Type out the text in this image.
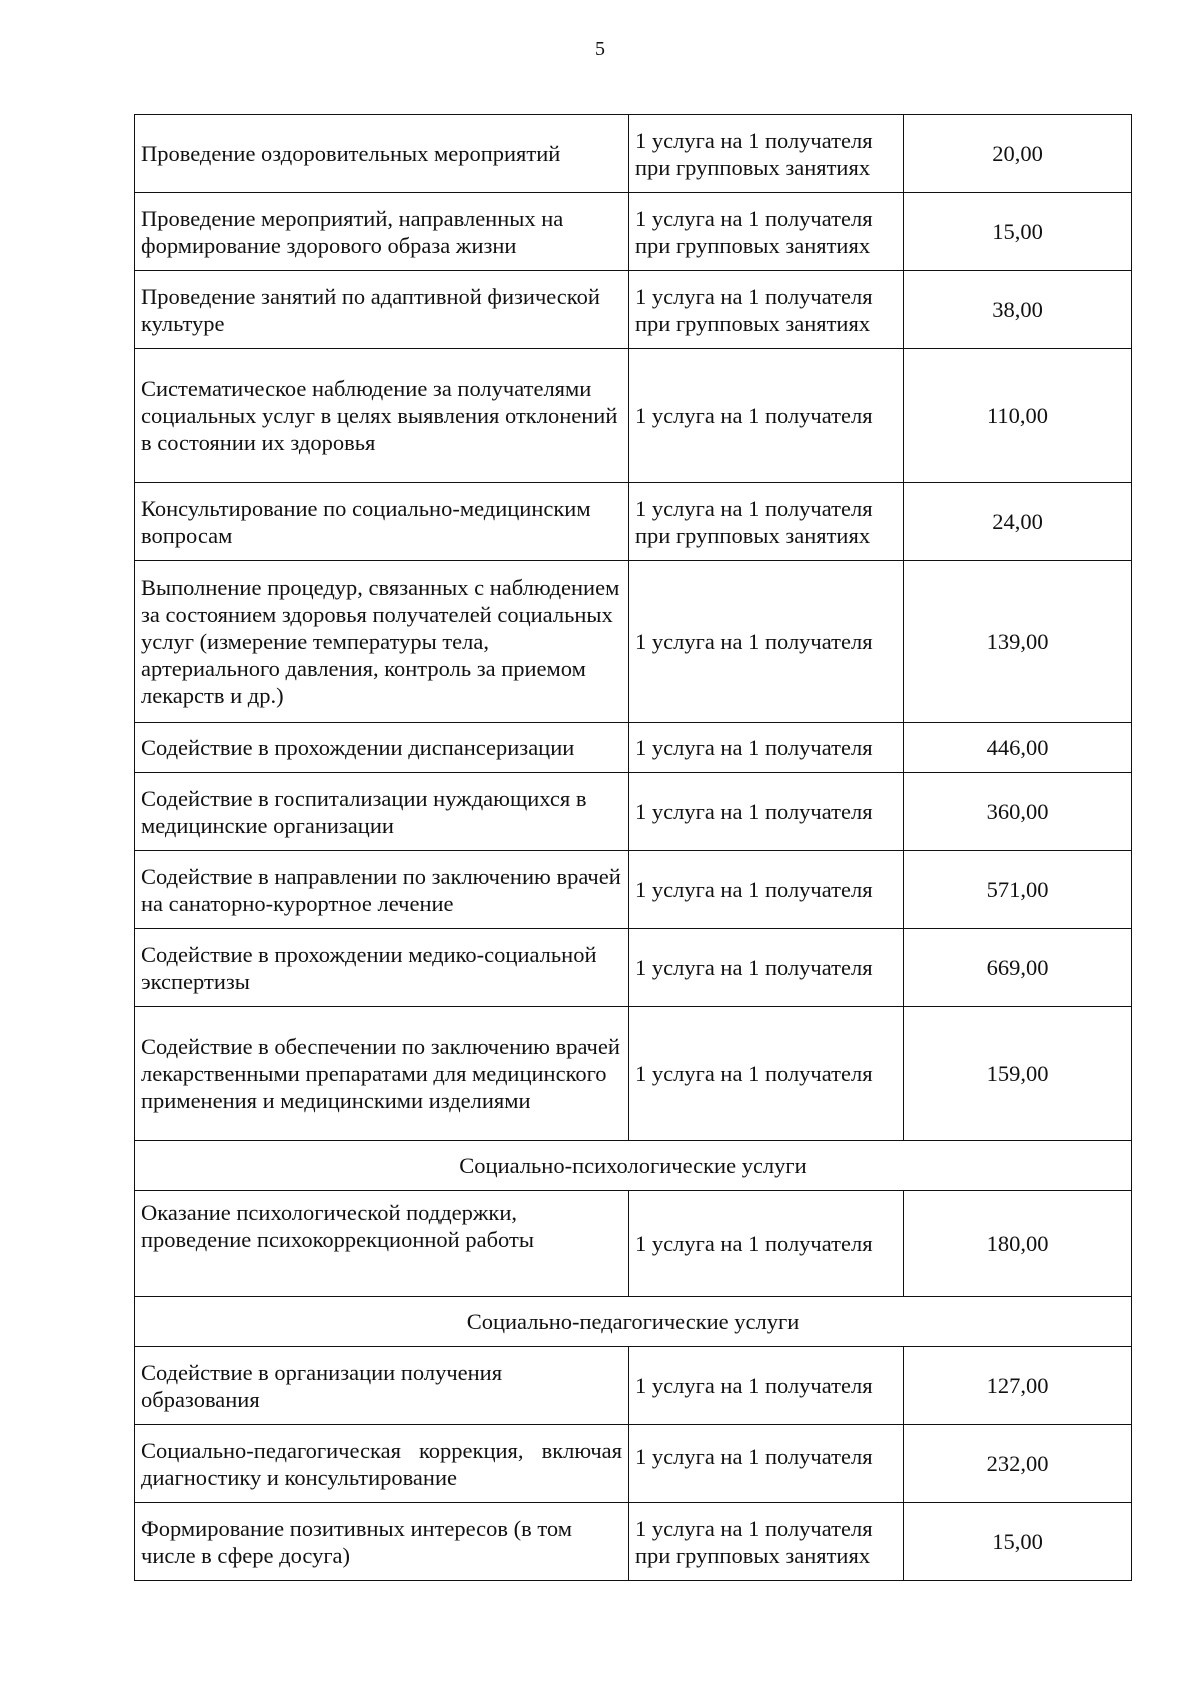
5
Проведение оздоровительных мероприятий	1 услуга на 1 получателя при групповых занятиях	20,00
Проведение мероприятий, направленных на формирование здорового образа жизни	1 услуга на 1 получателя при групповых занятиях	15,00
Проведение занятий по адаптивной физической культуре	1 услуга на 1 получателя при групповых занятиях	38,00
Систематическое наблюдение за получателями социальных услуг в целях выявления отклонений в состоянии их здоровья	1 услуга на 1 получателя	110,00
Консультирование по социально-медицинским вопросам	1 услуга на 1 получателя при групповых занятиях	24,00
Выполнение процедур, связанных с наблюдением за состоянием здоровья получателей социальных услуг (измерение температуры тела, артериального давления, контроль за приемом лекарств и др.)	1 услуга на 1 получателя	139,00
Содействие в прохождении диспансеризации	1 услуга на 1 получателя	446,00
Содействие в госпитализации нуждающихся в медицинские организации	1 услуга на 1 получателя	360,00
Содействие в направлении по заключению врачей на санаторно-курортное лечение	1 услуга на 1 получателя	571,00
Содействие в прохождении медико-социальной экспертизы	1 услуга на 1 получателя	669,00
Содействие в обеспечении по заключению врачей лекарственными препаратами для медицинского применения и медицинскими изделиями	1 услуга на 1 получателя	159,00
Социально-психологические услуги		
Оказание психологической поддержки, проведение психокоррекционной работы	1 услуга на 1 получателя	180,00
Социально-педагогические услуги		
Содействие в организации получения образования	1 услуга на 1 получателя	127,00
Социально-педагогическая коррекция, включая диагностику и консультирование	1 услуга на 1 получателя	232,00
Формирование позитивных интересов (в том числе в сфере досуга)	1 услуга на 1 получателя при групповых занятиях	15,00
